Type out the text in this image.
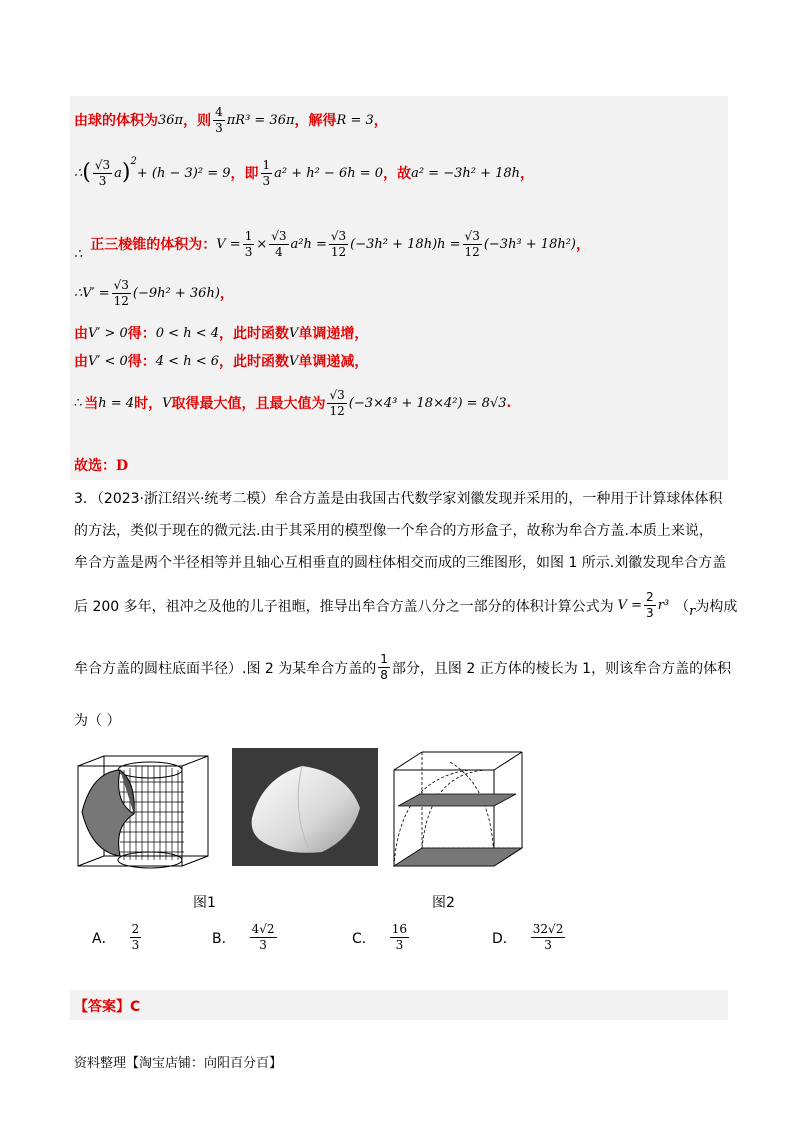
由球的体积为 36π ，则 $\frac{4}{3} \pi R^3 = 36\pi$ ，解得 R = 3 ，
∴ ( $\frac{√3}{3}$ a ) 2
+ (h − 3)² = 9 ，即 $\frac{1}{3} a^2 + h^2 - 6h = 0$ ，故 a² = −3h² + 18h ，
∴
正三棱锥的体积为： $V = \frac{1}{3} \times \frac{√3}{4} a^2h = \frac{√3}{12} (-3h^2 + 18h)h = \frac{√3}{12} (-3h^3 + 18h^2)$ ，
∴V′ = $\frac{√3}{12} (-9h^2 + 36h)$ ，
由 V′ > 0 得： 0 < h < 4 ，此时函数 V 单调递增，
由 V′ < 0 得： 4 < h < 6 ，此时函数 V 单调递减，
∴ 当 h = 4 时， V 取得最大值，且最大值为 $\frac{√3}{12} (-3\times 4^3 + 18\times 4^2) = 8√3$ .
故选：D
3．（2023·浙江绍兴·统考二模）牟合方盖是由我国古代数学家刘徽发现并采用的，一种用于计算球体体积
的方法，类似于现在的微元法.由于其采用的模型像一个牟合的方形盒子，故称为牟合方盖.本质上来说，
牟合方盖是两个半径相等并且轴心互相垂直的圆柱体相交而成的三维图形，如图 1 所示.刘徽发现牟合方盖
后 200 多年，祖冲之及他的儿子祖暅，推导出牟合方盖八分之一部分的体积计算公式为 $V = \frac{2}{3} r^3$ （ r 为构成
牟合方盖的圆柱底面半径）.图 2 为某牟合方盖的 $\frac{1}{8}$ 部分，且图 2 正方体的棱长为 1，则该牟合方盖的体积
为（ ）
图1	图2
A． $\frac{2}{3}$	B． $\frac{4√2}{3}$	C． $\frac{16}{3}$	D． $\frac{32√2}{3}$
【答案】C
资料整理【淘宝店铺：向阳百分百】
